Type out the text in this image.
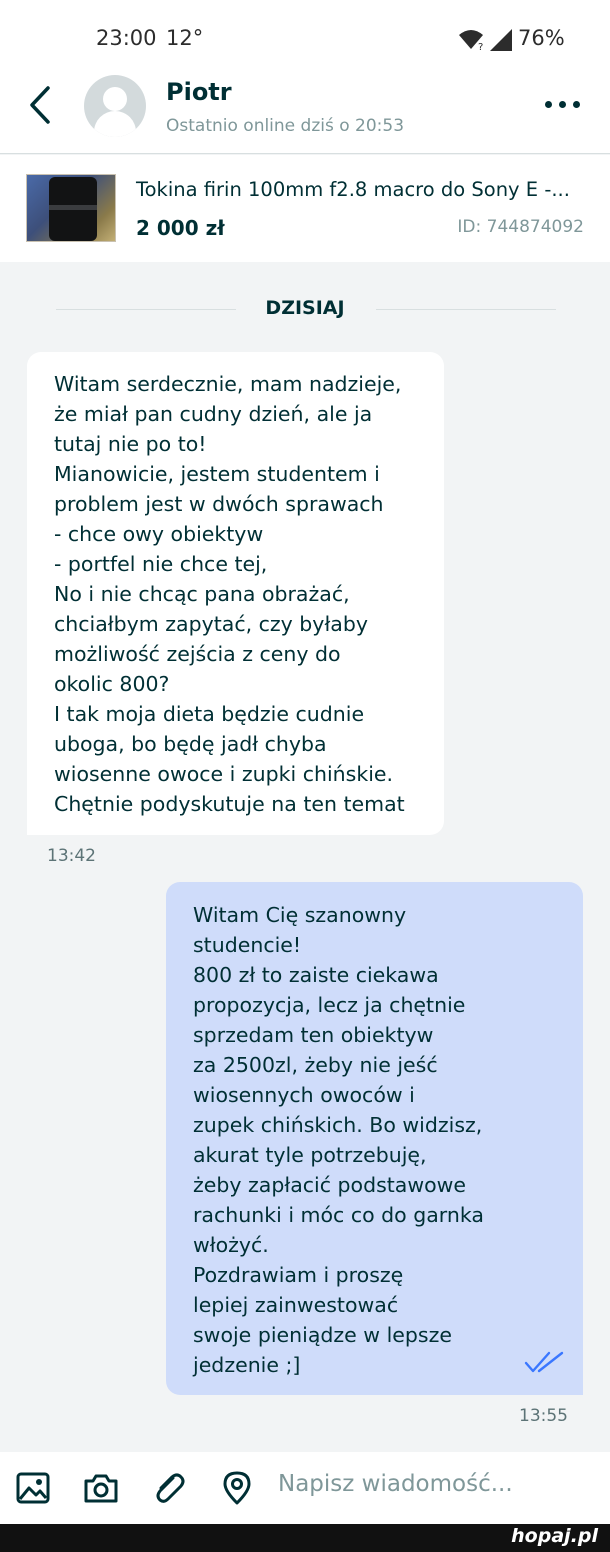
23:00 12°	? 76%
Piotr
Ostatnio online dziś o 20:53
Tokina firin 100mm f2.8 macro do Sony E -...
2 000 zł	ID: 744874092
DZISIAJ
Witam serdecznie, mam nadzieje,
że miał pan cudny dzień, ale ja
tutaj nie po to!
Mianowicie, jestem studentem i
problem jest w dwóch sprawach
- chce owy obiektyw
- portfel nie chce tej,
No i nie chcąc pana obrażać,
chciałbym zapytać, czy byłaby
możliwość zejścia z ceny do
okolic 800?
I tak moja dieta będzie cudnie
uboga, bo będę jadł chyba
wiosenne owoce i zupki chińskie.
Chętnie podyskutuje na ten temat
13:42
Witam Cię szanowny
studencie!
800 zł to zaiste ciekawa
propozycja, lecz ja chętnie
sprzedam ten obiektyw
za 2500zl, żeby nie jeść
wiosennych owoców i
zupek chińskich. Bo widzisz,
akurat tyle potrzebuję,
żeby zapłacić podstawowe
rachunki i móc co do garnka
włożyć.
Pozdrawiam i proszę
lepiej zainwestować
swoje pieniądze w lepsze
jedzenie ;]
13:55
Napisz wiadomość...
hopaj.pl
